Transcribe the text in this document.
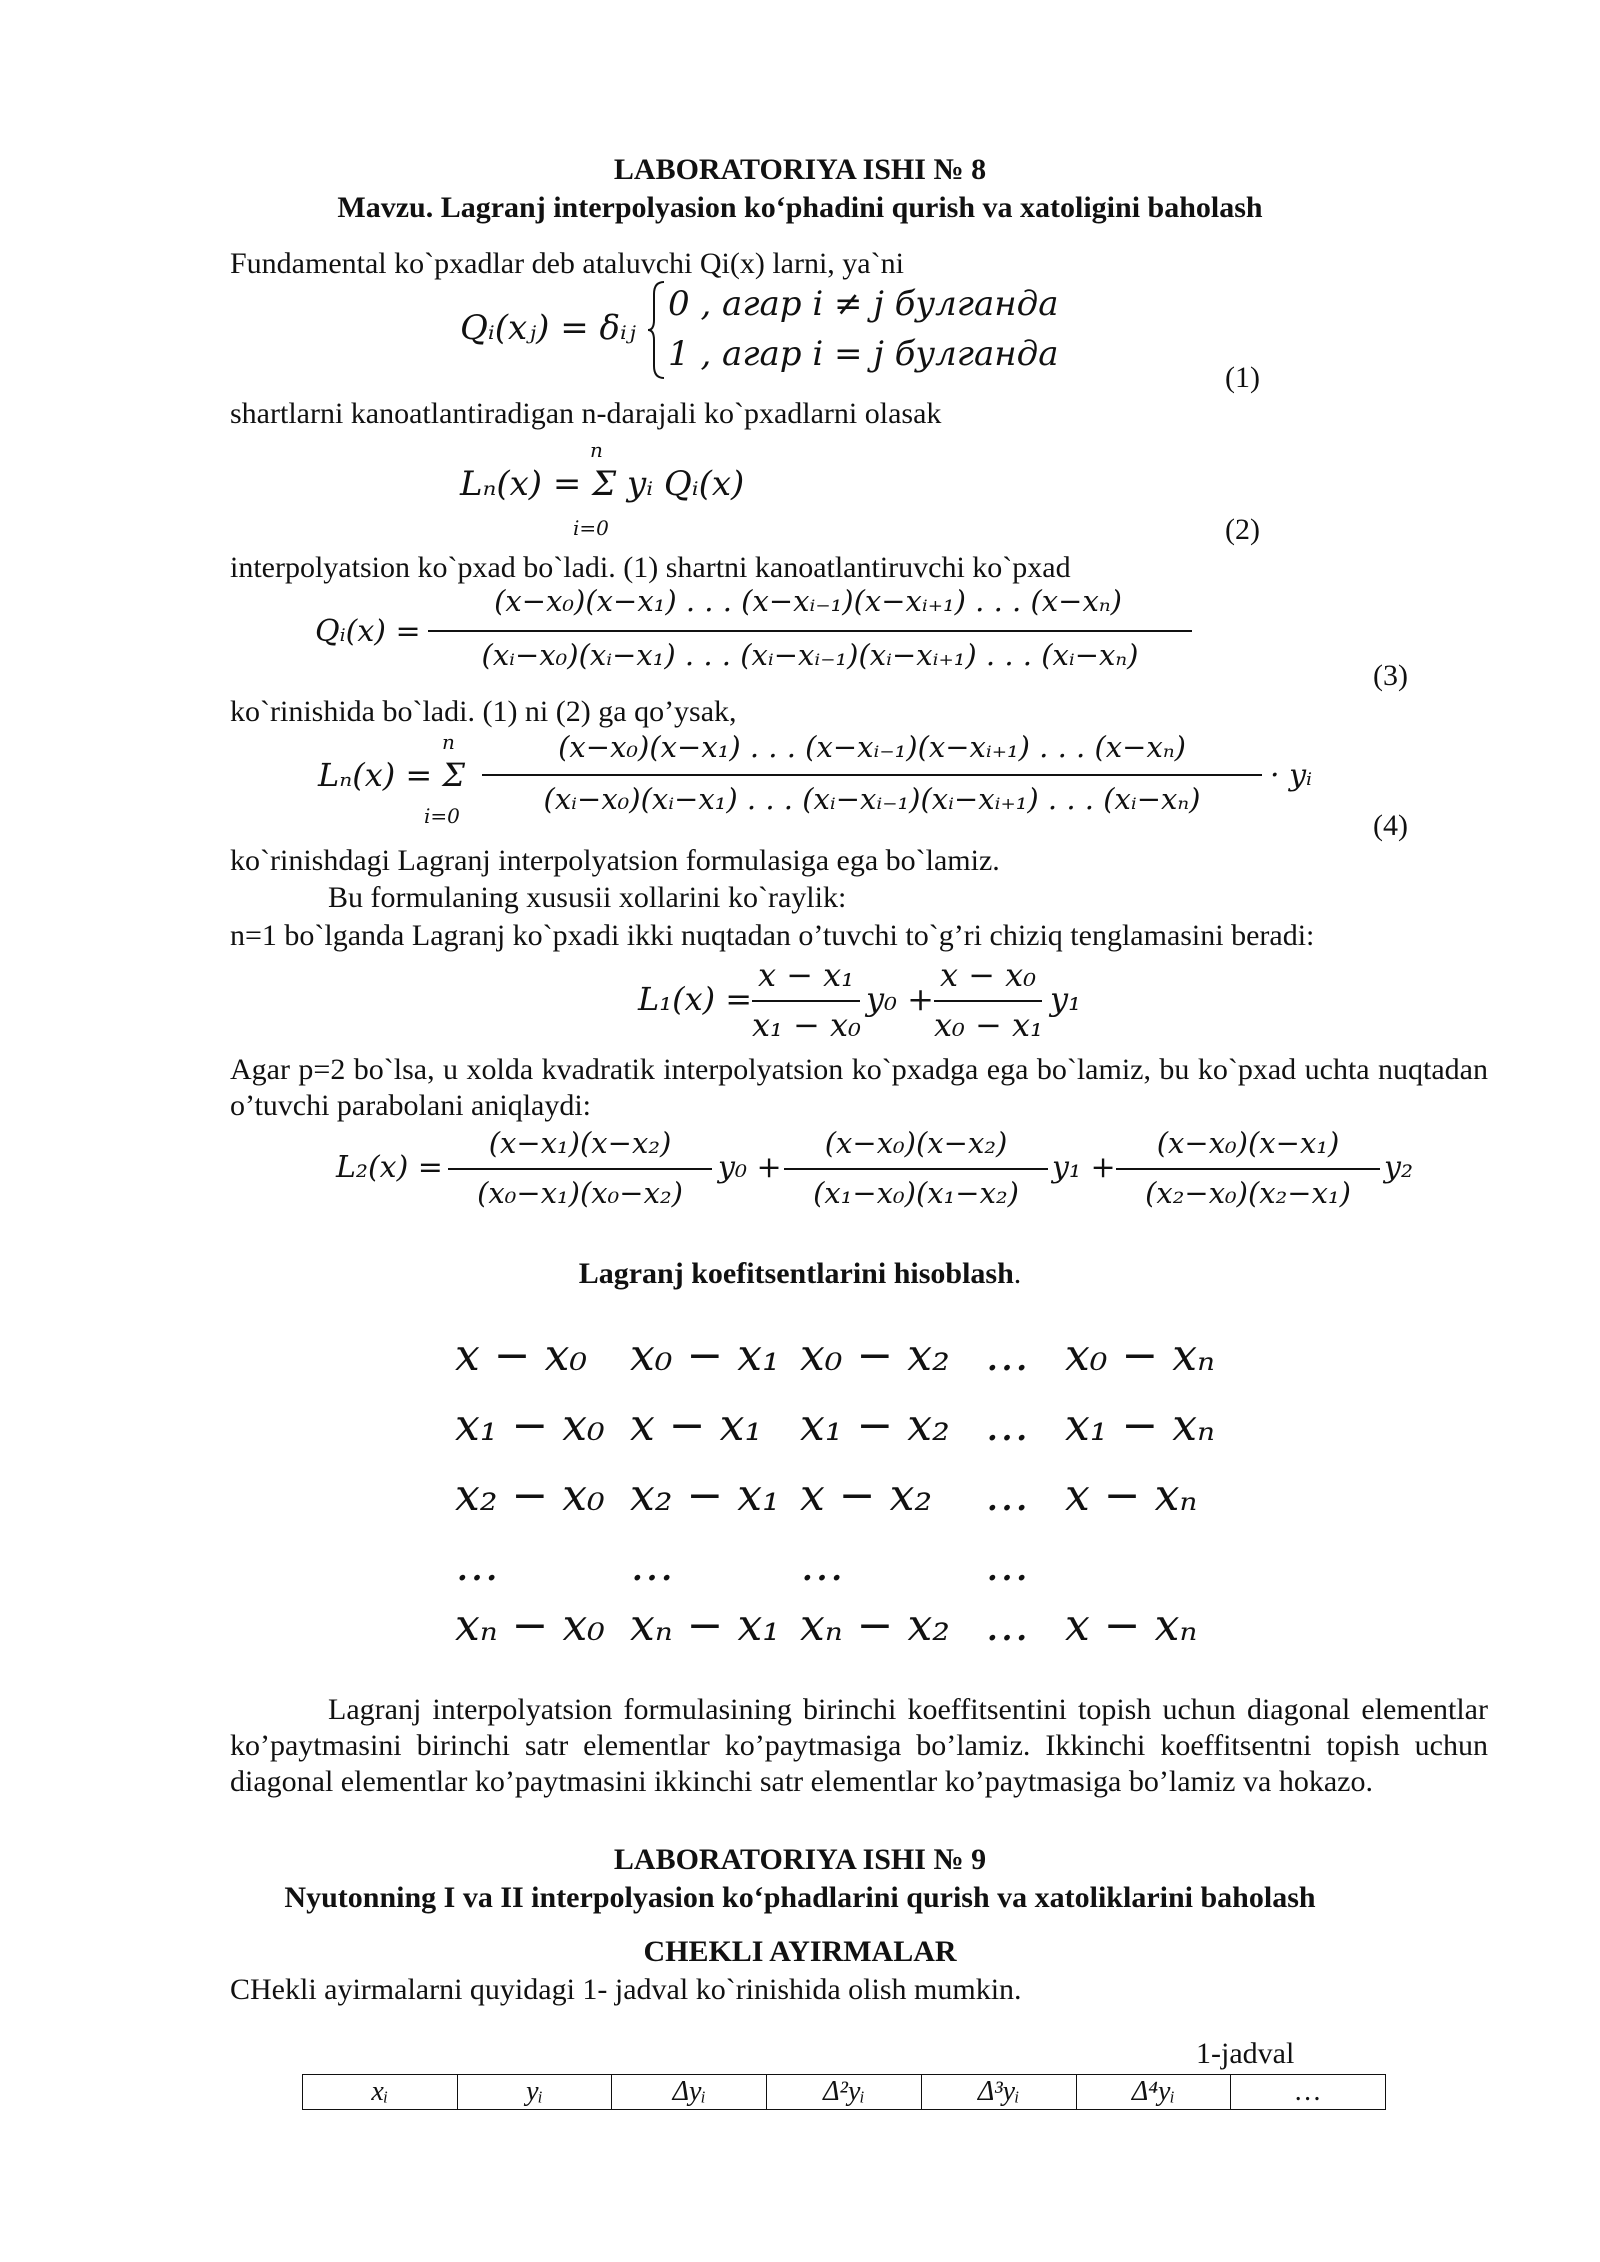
LABORATORIYA ISHI № 8
Mavzu. Lagranj interpolyasion ko‘phadini qurish va xatoligini baholash
Fundamental ko`pxadlar deb ataluvchi Qi(x) larni, ya`ni
Qᵢ(xⱼ) = δᵢⱼ
0 , агар i ≠ j булганда
1 , агар i = j булганда
(1)
shartlarni kanoatlantiradigan n-darajali ko`pxadlarni olasak
n
Lₙ(x) = Σ yᵢ Qᵢ(x)
i=0	(2)
interpolyatsion ko`pxad bo`ladi. (1) shartni kanoatlantiruvchi ko`pxad
Qᵢ(x) =
(x−x₀)(x−x₁) . . . (x−xᵢ₋₁)(x−xᵢ₊₁) . . . (x−xₙ)
(xᵢ−x₀)(xᵢ−x₁) . . . (xᵢ−xᵢ₋₁)(xᵢ−xᵢ₊₁) . . . (xᵢ−xₙ)
(3)
ko`rinishida bo`ladi. (1) ni (2) ga qo’ysak,
n
Lₙ(x) = Σ
i=0
(x−x₀)(x−x₁) . . . (x−xᵢ₋₁)(x−xᵢ₊₁) . . . (x−xₙ)
(xᵢ−x₀)(xᵢ−x₁) . . . (xᵢ−xᵢ₋₁)(xᵢ−xᵢ₊₁) . . . (xᵢ−xₙ)
· yᵢ
(4)
ko`rinishdagi Lagranj interpolyatsion formulasiga ega bo`lamiz.
Bu formulaning xususii xollarini ko`raylik:
n=1 bo`lganda Lagranj ko`pxadi ikki nuqtadan o’tuvchi to`g’ri chiziq tenglamasini beradi:
L₁(x) =
x − x₁
x₁ − x₀
y₀ +
x − x₀
x₀ − x₁
y₁
Agar p=2 bo`lsa, u xolda kvadratik interpolyatsion ko`pxadga ega bo`lamiz, bu ko`pxad uchta nuqtadan o’tuvchi parabolani aniqlaydi:
L₂(x) =
(x−x₁)(x−x₂)
(x₀−x₁)(x₀−x₂)
y₀ +
(x−x₀)(x−x₂)
(x₁−x₀)(x₁−x₂)
y₁ +
(x−x₀)(x−x₁)
(x₂−x₀)(x₂−x₁)
y₂
Lagranj koefitsentlarini hisoblash.
x − x₀ x₀ − x₁ x₀ − x₂ … x₀ − xₙ
x₁ − x₀ x − x₁ x₁ − x₂ … x₁ − xₙ
x₂ − x₀ x₂ − x₁ x − x₂ … x − xₙ
…	…	…	…
xₙ − x₀ xₙ − x₁ xₙ − x₂ … x − xₙ
Lagranj interpolyatsion formulasining birinchi koeffitsentini topish uchun diagonal elementlar ko’paytmasini birinchi satr elementlar ko’paytmasiga bo’lamiz. Ikkinchi koeffitsentni topish uchun diagonal elementlar ko’paytmasini ikkinchi satr elementlar ko’paytmasiga bo’lamiz va hokazo.
LABORATORIYA ISHI № 9
Nyutonning I va II interpolyasion ko‘phadlarini qurish va xatoliklarini baholash
CHEKLI AYIRMALAR
CHekli ayirmalarni quyidagi 1- jadval ko`rinishida olish mumkin.
1-jadval
xᵢ	yᵢ	Δyᵢ	Δ²yᵢ	Δ³yᵢ	Δ⁴yᵢ	…
